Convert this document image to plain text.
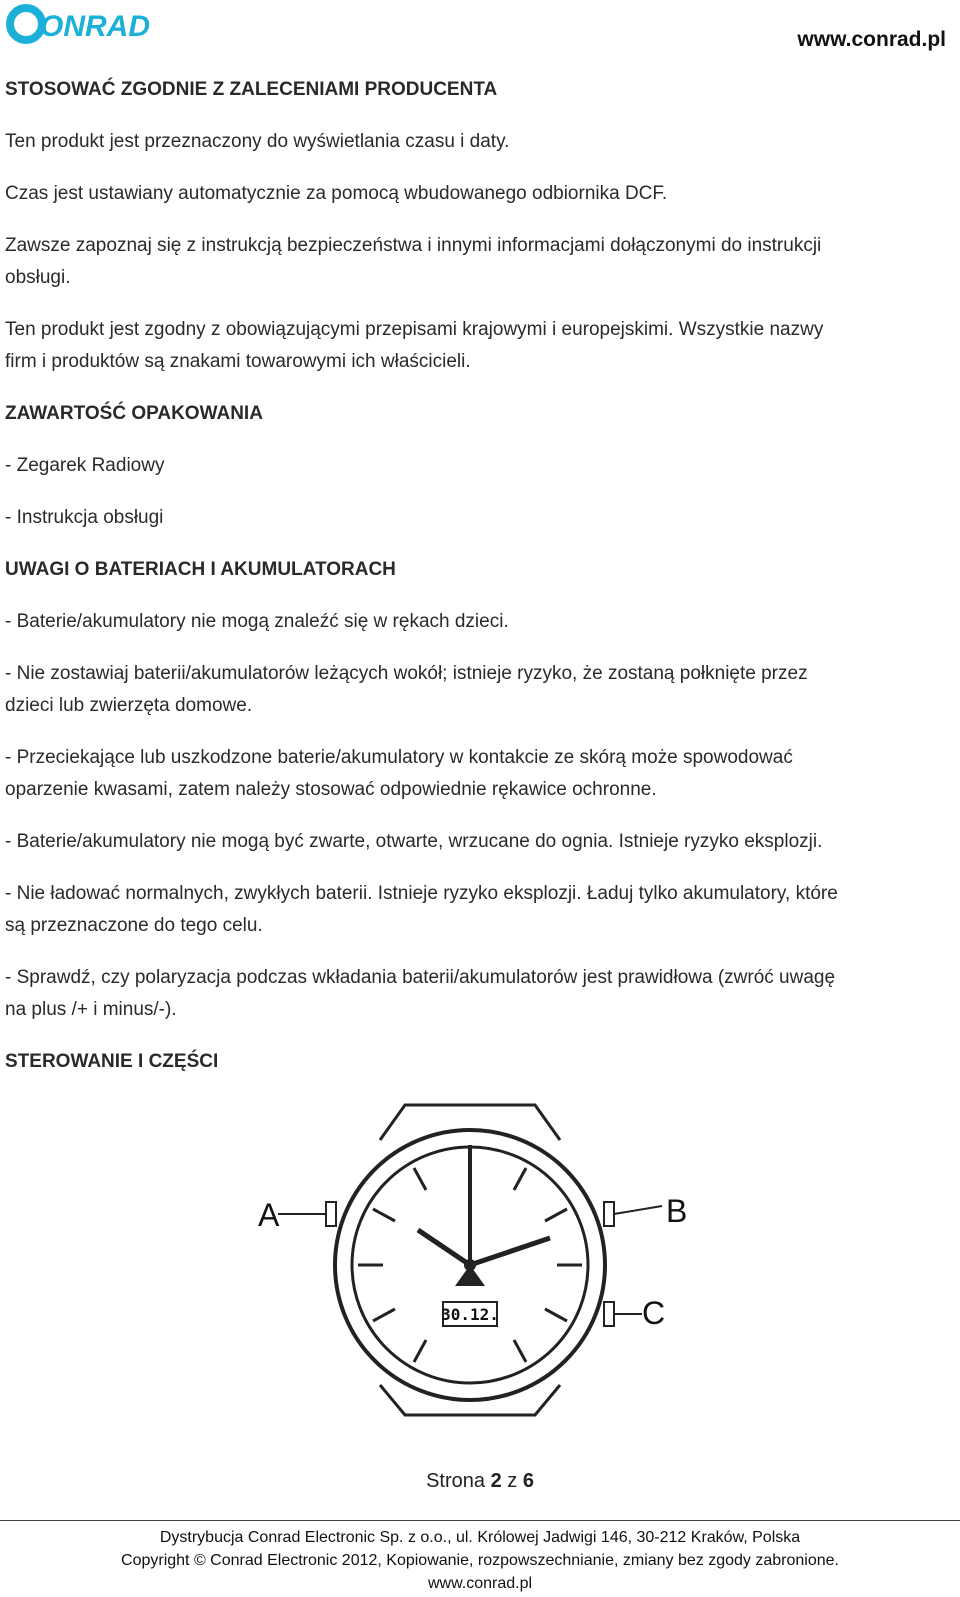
ONRAD	www.conrad.pl

STOSOWAĆ ZGODNIE Z ZALECENIAMI PRODUCENTA

Ten produkt jest przeznaczony do wyświetlania czasu i daty.

Czas jest ustawiany automatycznie za pomocą wbudowanego odbiornika DCF.

Zawsze zapoznaj się z instrukcją bezpieczeństwa i innymi informacjami dołączonymi do instrukcji

obsługi.

Ten produkt jest zgodny z obowiązującymi przepisami krajowymi i europejskimi. Wszystkie nazwy

firm i produktów są znakami towarowymi ich właścicieli.

ZAWARTOŚĆ OPAKOWANIA

- Zegarek Radiowy

- Instrukcja obsługi

UWAGI O BATERIACH I AKUMULATORACH

- Baterie/akumulatory nie mogą znaleźć się w rękach dzieci.

- Nie zostawiaj baterii/akumulatorów leżących wokół; istnieje ryzyko, że zostaną połknięte przez

dzieci lub zwierzęta domowe.

- Przeciekające lub uszkodzone baterie/akumulatory w kontakcie ze skórą może spowodować

oparzenie kwasami, zatem należy stosować odpowiednie rękawice ochronne.

- Baterie/akumulatory nie mogą być zwarte, otwarte, wrzucane do ognia. Istnieje ryzyko eksplozji.

- Nie ładować normalnych, zwykłych baterii. Istnieje ryzyko eksplozji. Ładuj tylko akumulatory, które

są przeznaczone do tego celu.

- Sprawdź, czy polaryzacja podczas wkładania baterii/akumulatorów jest prawidłowa (zwróć uwagę

na plus /+ i minus/-).

STEROWANIE I CZĘŚCI

30.12.
A	B
C
Strona 2 z 6
Dystrybucja Conrad Electronic Sp. z o.o., ul. Królowej Jadwigi 146, 30-212 Kraków, Polska
Copyright © Conrad Electronic 2012, Kopiowanie, rozpowszechnianie, zmiany bez zgody zabronione.
www.conrad.pl
